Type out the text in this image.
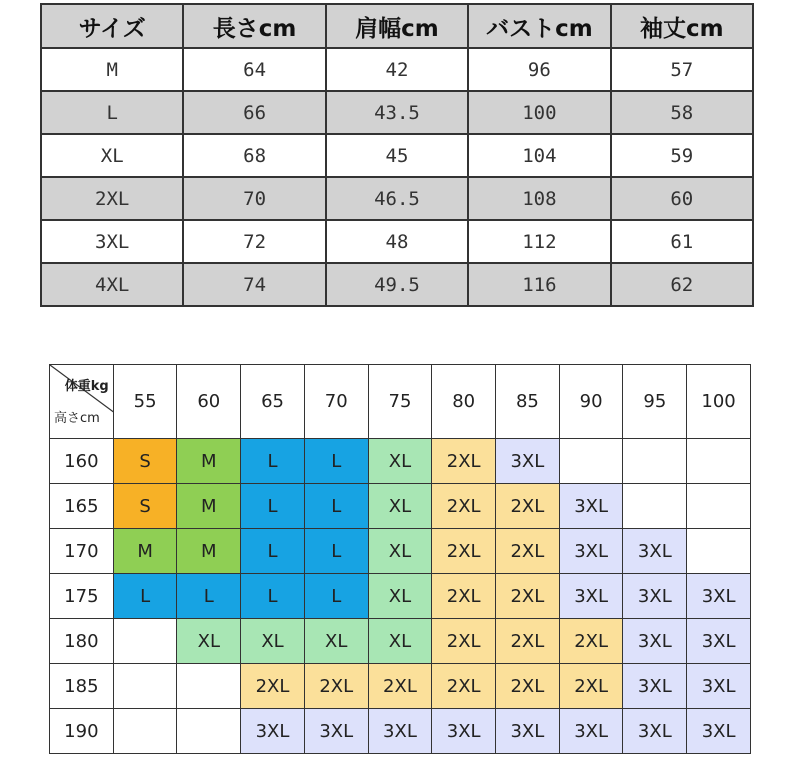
サイズ	長さcm	肩幅cm	バストcm	袖丈cm
M	64	42	96	57
L	66	43.5	100	58
XL	68	45	104	59
2XL	70	46.5	108	60
3XL	72	48	112	61
4XL	74	49.5	116	62
体重kg
高さcm	55	60	65	70	75	80	85	90	95	100
160	S	M	L	L	XL	2XL	3XL			
165	S	M	L	L	XL	2XL	2XL	3XL		
170	M	M	L	L	XL	2XL	2XL	3XL	3XL	
175	L	L	L	L	XL	2XL	2XL	3XL	3XL	3XL
180		XL	XL	XL	XL	2XL	2XL	2XL	3XL	3XL
185			2XL	2XL	2XL	2XL	2XL	2XL	3XL	3XL
190			3XL	3XL	3XL	3XL	3XL	3XL	3XL	3XL
